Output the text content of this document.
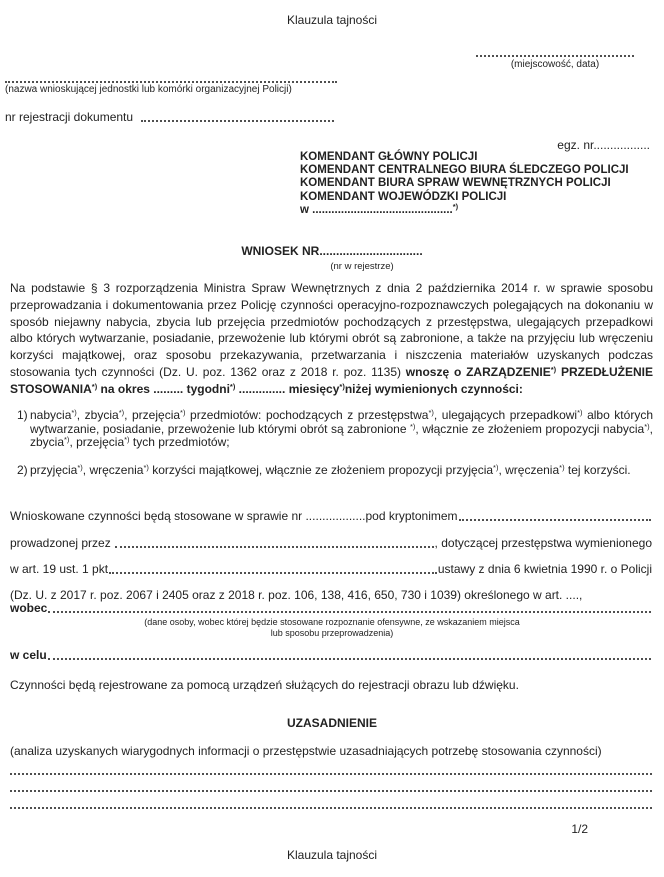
Klauzula tajności
(miejscowość, data)
(nazwa wnioskującej jednostki lub komórki organizacyjnej Policji)
nr rejestracji dokumentu
egz. nr.................
KOMENDANT GŁÓWNY POLICJI
KOMENDANT CENTRALNEGO BIURA ŚLEDCZEGO POLICJI
KOMENDANT BIURA SPRAW WEWNĘTRZNYCH POLICJI
KOMENDANT WOJEWÓDZKI POLICJI
w ............................................*)
WNIOSEK NR...............................
(nr w rejestrze)

Na podstawie § 3 rozporządzenia Ministra Spraw Wewnętrznych z dnia 2 października 2014 r. w sprawie sposobu przeprowadzania i dokumentowania przez Policję czynności operacyjno-rozpoznawczych polegających na dokonaniu w sposób niejawny nabycia, zbycia lub przejęcia przedmiotów pochodzących z przestępstwa, ulegających przepadkowi albo których wytwarzanie, posiadanie, przewożenie lub którymi obrót są zabronione, a także na przyjęciu lub wręczeniu korzyści majątkowej, oraz sposobu przekazywania, przetwarzania i niszczenia materiałów uzyskanych podczas stosowania tych czynności (Dz. U. poz. 1362 oraz z 2018 r. poz. 1135) wnoszę o ZARZĄDZENIE*) PRZEDŁUŻENIE STOSOWANIA*) na okres ......... tygodni*) .............. miesięcy*)niżej wymienionych czynności:

1) nabycia*), zbycia*), przejęcia*) przedmiotów: pochodzących z przestępstwa*), ulegających przepadkowi*) albo których wytwarzanie, posiadanie, przewożenie lub którymi obrót są zabronione *), włącznie ze złożeniem propozycji nabycia*), zbycia*), przejęcia*) tych przedmiotów;
2) przyjęcia*), wręczenia*) korzyści majątkowej, włącznie ze złożeniem propozycji przyjęcia*), wręczenia*) tej korzyści.
Wnioskowane czynności będą stosowane w sprawie nr ..................pod kryptonimem
prowadzonej przez	, dotyczącej przestępstwa wymienionego
w art. 19 ust. 1 pkt	ustawy z dnia 6 kwietnia 1990 r. o Policji
(Dz. U. z 2017 r. poz. 2067 i 2405 oraz z 2018 r. poz. 106, 138, 416, 650, 730 i 1039) określonego w art. ....,
wobec
(dane osoby, wobec której będzie stosowane rozpoznanie ofensywne, ze wskazaniem miejsca
lub sposobu przeprowadzenia)
w celu
Czynności będą rejestrowane za pomocą urządzeń służących do rejestracji obrazu lub dźwięku.
UZASADNIENIE
(analiza uzyskanych wiarygodnych informacji o przestępstwie uzasadniających potrzebę stosowania czynności)
1/2
Klauzula tajności
